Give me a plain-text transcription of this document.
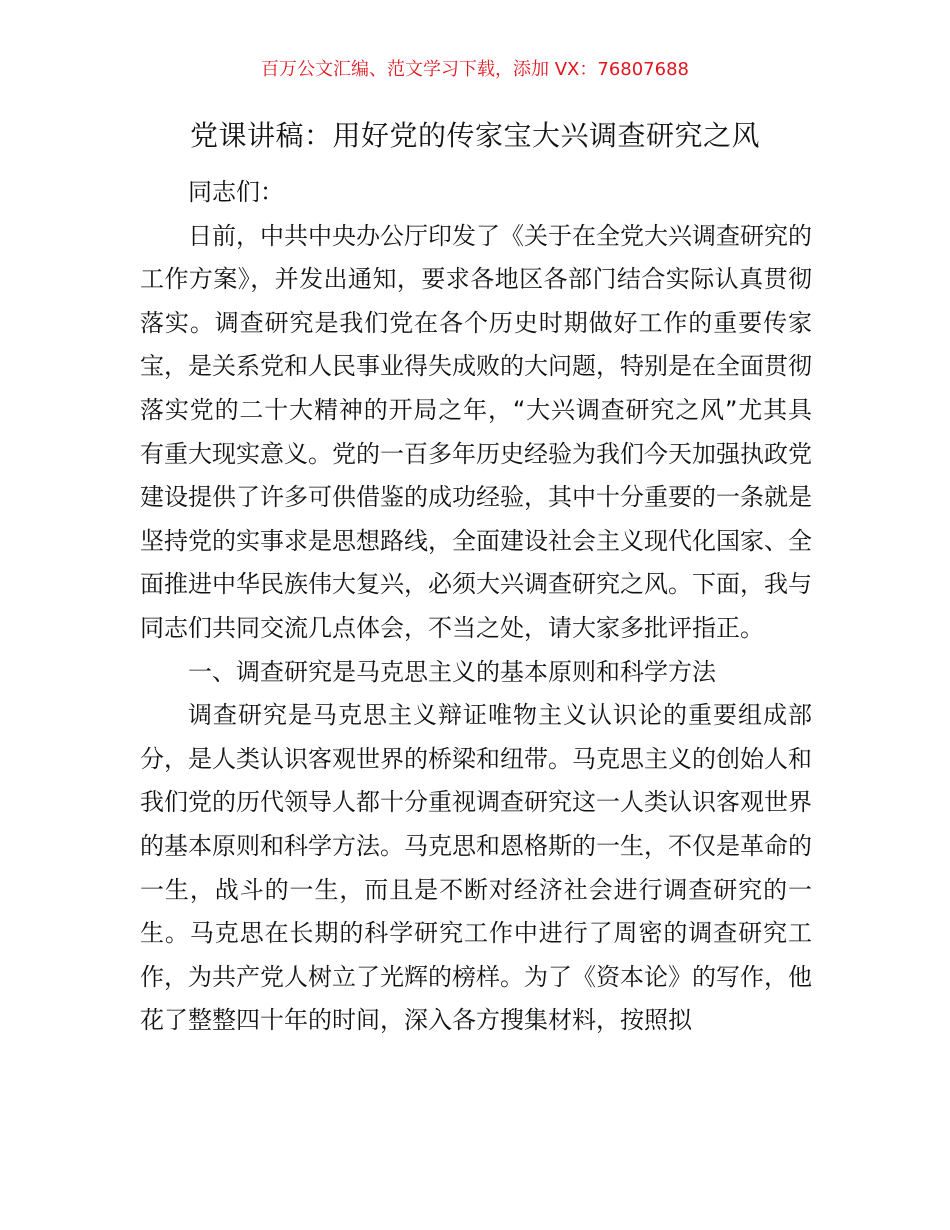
百万公文汇编、范文学习下载，添加 VX：76807688
党课讲稿：用好党的传家宝大兴调查研究之风

同志们：

日前，中共中央办公厅印发了《关于在全党大兴调查研究的工作方案》，并发出通知，要求各地区各部门结合实际认真贯彻落实。调查研究是我们党在各个历史时期做好工作的重要传家宝，是关系党和人民事业得失成败的大问题，特别是在全面贯彻落实党的二十大精神的开局之年，“大兴调查研究之风”尤其具有重大现实意义。党的一百多年历史经验为我们今天加强执政党建设提供了许多可供借鉴的成功经验，其中十分重要的一条就是坚持党的实事求是思想路线，全面建设社会主义现代化国家、全面推进中华民族伟大复兴，必须大兴调查研究之风。下面，我与同志们共同交流几点体会，不当之处，请大家多批评指正。

一、调查研究是马克思主义的基本原则和科学方法

调查研究是马克思主义辩证唯物主义认识论的重要组成部分，是人类认识客观世界的桥梁和纽带。马克思主义的创始人和我们党的历代领导人都十分重视调查研究这一人类认识客观世界的基本原则和科学方法。马克思和恩格斯的一生，不仅是革命的一生，战斗的一生，而且是不断对经济社会进行调查研究的一生。马克思在长期的科学研究工作中进行了周密的调查研究工作，为共产党人树立了光辉的榜样。为了《资本论》的写作，他花了整整四十年的时间，深入各方搜集材料，按照拟
